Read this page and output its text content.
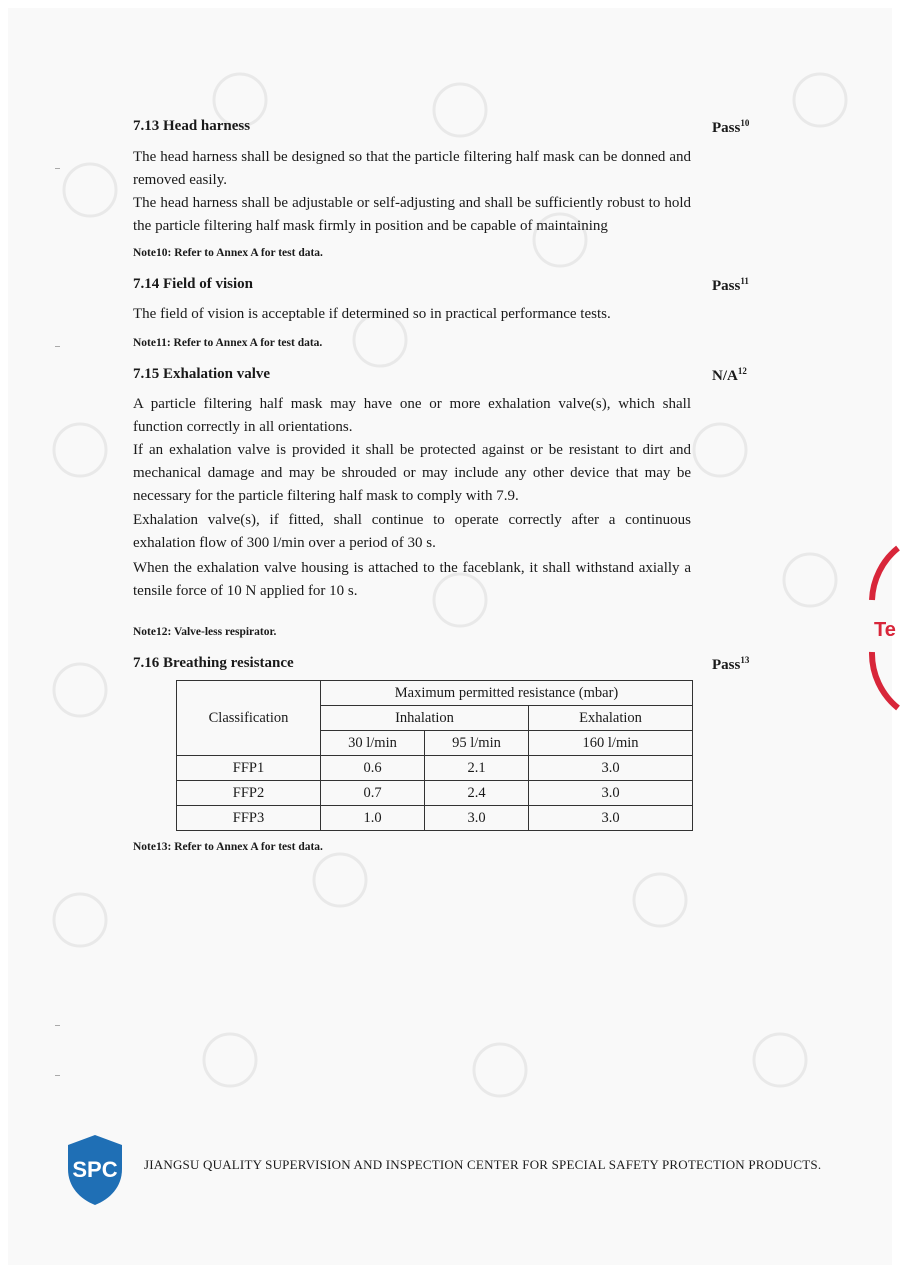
7.13 Head harness	Pass$^{10}$
The head harness shall be designed so that the particle filtering half mask can be donned and removed easily.
The head harness shall be adjustable or self-adjusting and shall be sufficiently robust to hold the particle filtering half mask firmly in position and be capable of maintaining
Note10: Refer to Annex A for test data.
7.14 Field of vision	Pass$^{11}$
The field of vision is acceptable if determined so in practical performance tests.
Note11: Refer to Annex A for test data.
7.15 Exhalation valve	$N/A^{12}$
A particle filtering half mask may have one or more exhalation valve(s), which shall function correctly in all orientations.
If an exhalation valve is provided it shall be protected against or be resistant to dirt and mechanical damage and may be shrouded or may include any other device that may be necessary for the particle filtering half mask to comply with 7.9.
Exhalation valve(s), if fitted, shall continue to operate correctly after a continuous exhalation flow of 300 l/min over a period of 30 s.
When the exhalation valve housing is attached to the faceblank, it shall withstand axially a tensile force of 10 N applied for 10 s.
Note12: Valve-less respirator.
7.16 Breathing resistance	Pass$^{13}$
Classification	Maximum permitted resistance (mbar)		
	Inhalation		Exhalation
	30 l/min	95 l/min	160 l/min
FFP1	0.6	2.1	3.0
FFP2	0.7	2.4	3.0
FFP3	1.0	3.0	3.0
Note13: Refer to Annex A for test data.
Te
SPC JIANGSU QUALITY SUPERVISION AND INSPECTION CENTER FOR SPECIAL SAFETY PROTECTION PRODUCTS.
